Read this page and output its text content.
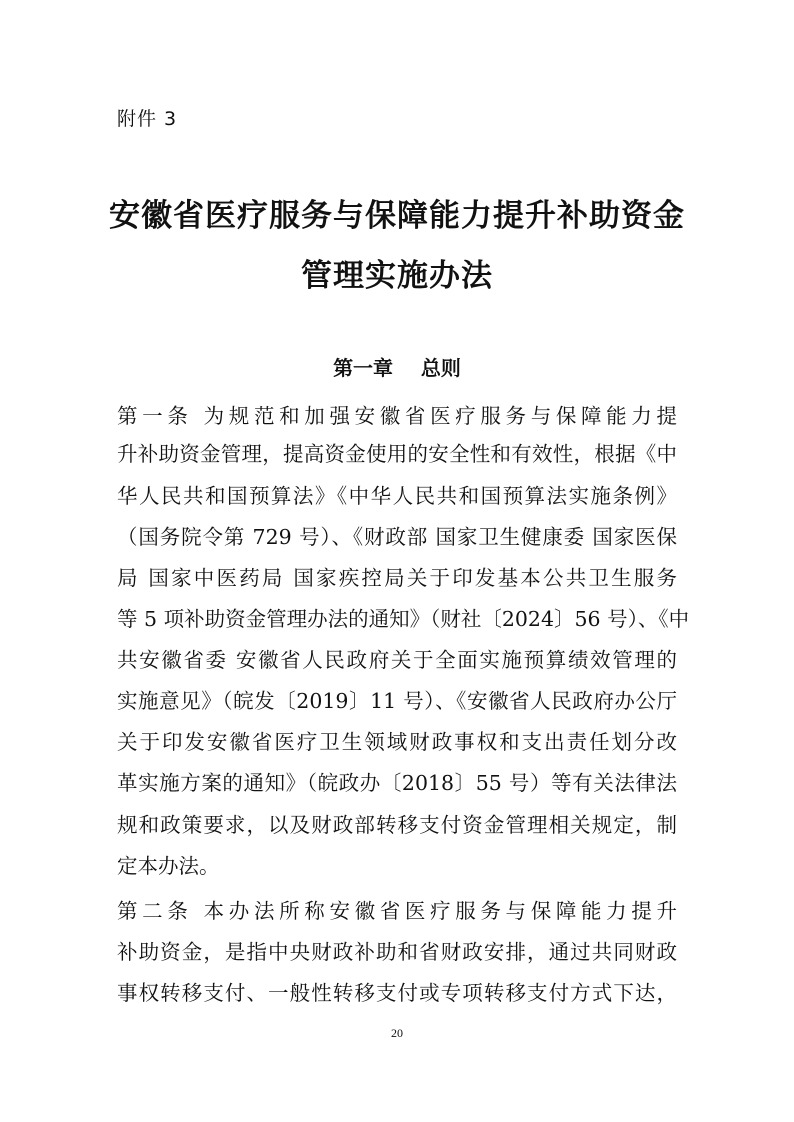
附件 3
安徽省医疗服务与保障能力提升补助资金
管理实施办法
第一章    总则
第一条 为规范和加强安徽省医疗服务与保障能力提
升补助资金管理，提高资金使用的安全性和有效性，根据《中
华人民共和国预算法》《中华人民共和国预算法实施条例》
（国务院令第 729 号）、《财政部 国家卫生健康委 国家医保
局 国家中医药局 国家疾控局关于印发基本公共卫生服务
等 5 项补助资金管理办法的通知》（财社〔2024〕56 号）、《中
共安徽省委 安徽省人民政府关于全面实施预算绩效管理的
实施意见》（皖发〔2019〕11 号）、《安徽省人民政府办公厅
关于印发安徽省医疗卫生领域财政事权和支出责任划分改
革实施方案的通知》（皖政办〔2018〕55 号）等有关法律法
规和政策要求，以及财政部转移支付资金管理相关规定，制
定本办法。
第二条 本办法所称安徽省医疗服务与保障能力提升
补助资金，是指中央财政补助和省财政安排，通过共同财政
事权转移支付、一般性转移支付或专项转移支付方式下达，
20
